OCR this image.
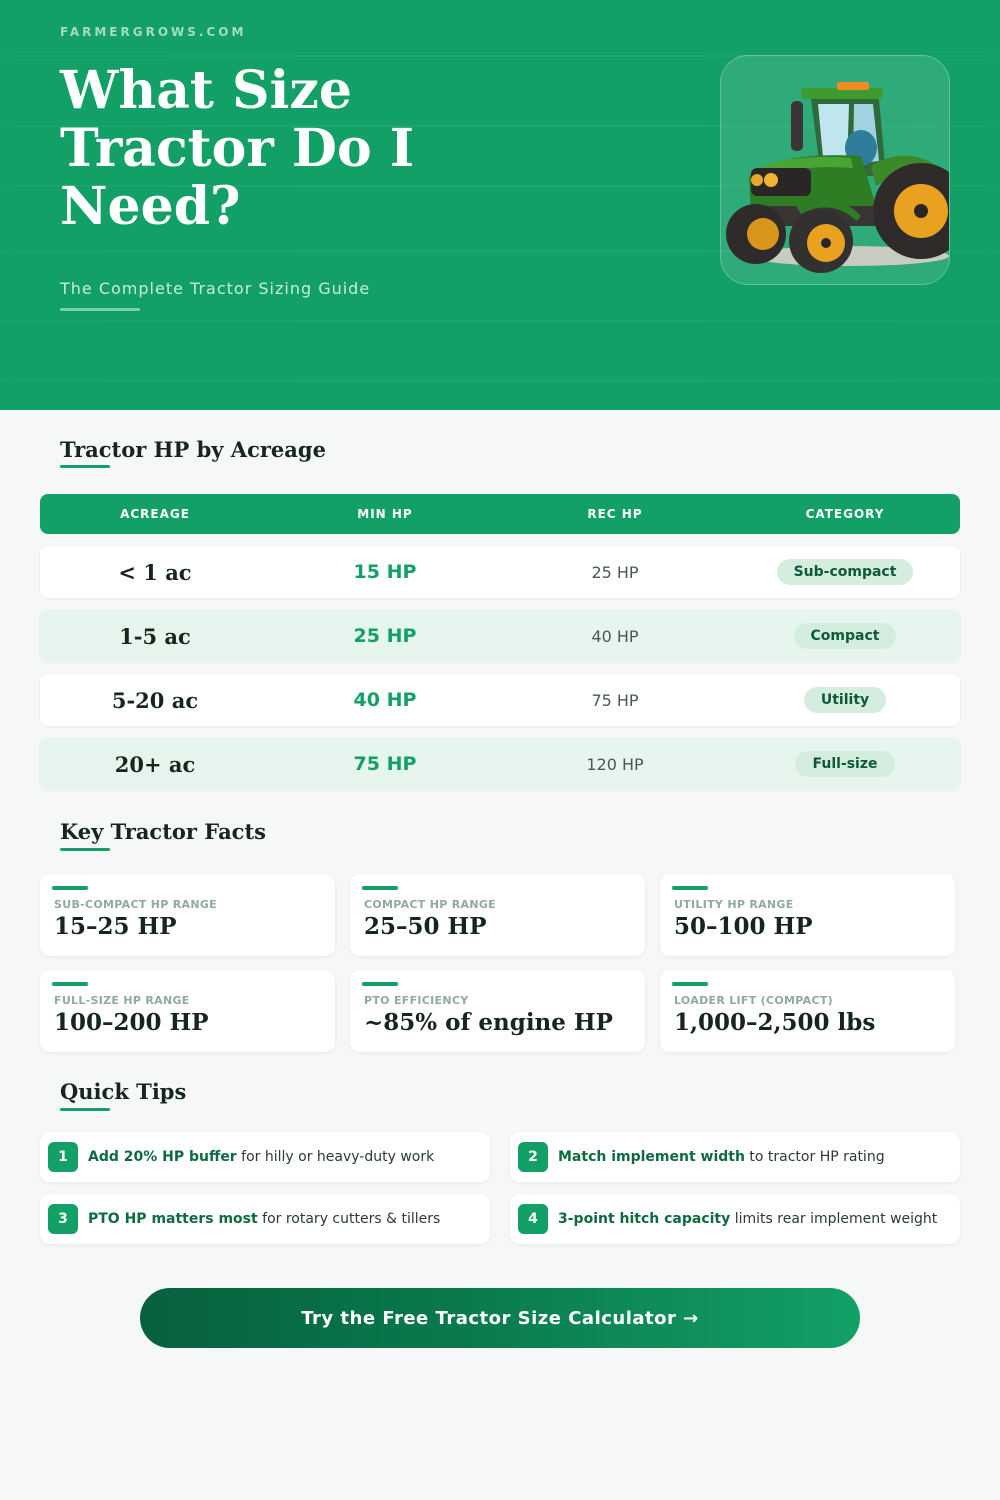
FARMERGROWS.COM
What Size Tractor Do I Need?
The Complete Tractor Sizing Guide
Tractor HP by Acreage
ACREAGE	MIN HP	REC HP	CATEGORY
< 1 ac	15 HP	25 HP	Sub-compact
1-5 ac	25 HP	40 HP	Compact
5-20 ac	40 HP	75 HP	Utility
20+ ac	75 HP	120 HP	Full-size
Key Tractor Facts
SUB-COMPACT HP RANGE
15–25 HP
COMPACT HP RANGE
25–50 HP
UTILITY HP RANGE
50–100 HP
FULL-SIZE HP RANGE
100–200 HP
PTO EFFICIENCY
~85% of engine HP
LOADER LIFT (COMPACT)
1,000–2,500 lbs
Quick Tips
1	Add 20% HP buffer for hilly or heavy-duty work	2	Match implement width to tractor HP rating
3	PTO HP matters most for rotary cutters & tillers	4	3-point hitch capacity limits rear implement weight
Try the Free Tractor Size Calculator →
